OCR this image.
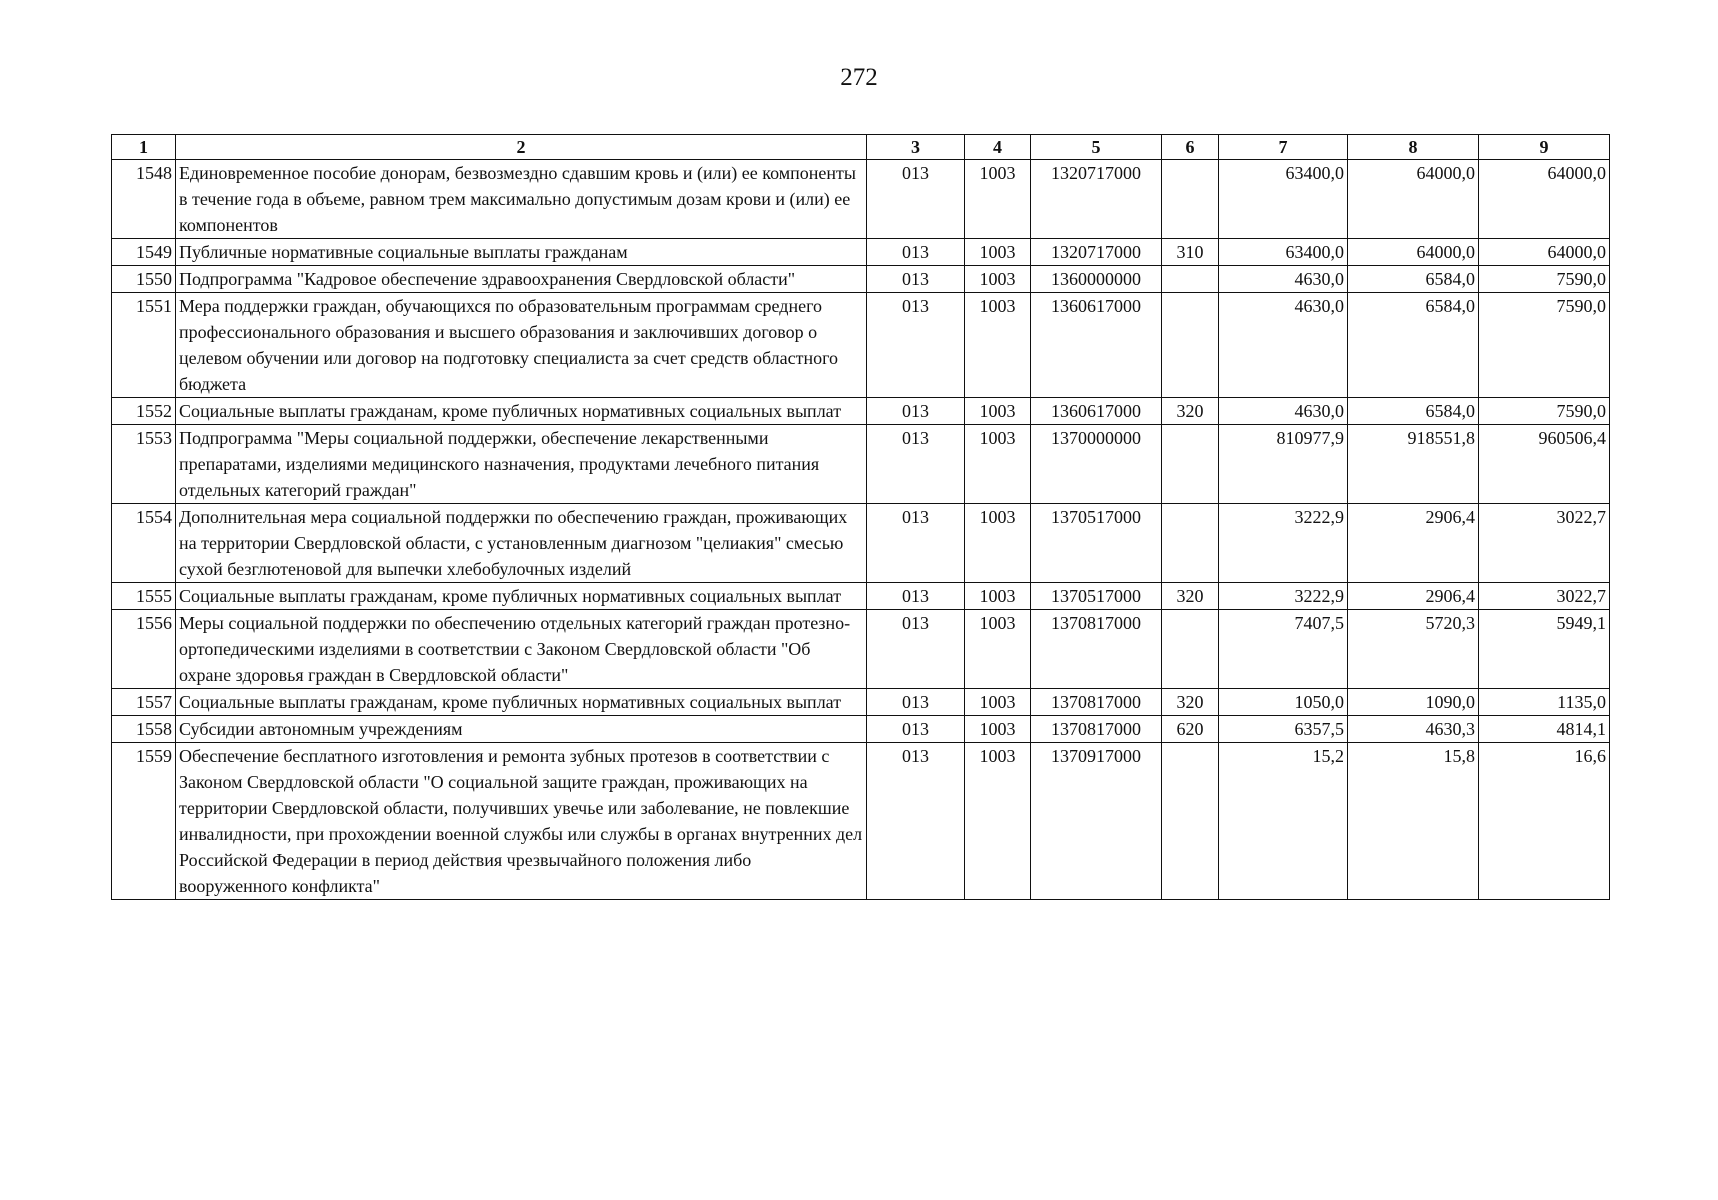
272
1	2	3	4	5	6	7	8	9
1548	Единовременное пособие донорам, безвозмездно сдавшим кровь и (или) ее компоненты в течение года в объеме, равном трем максимально допустимым дозам крови и (или) ее компонентов	013	1003	1320717000		63400,0	64000,0	64000,0
1549	Публичные нормативные социальные выплаты гражданам	013	1003	1320717000	310	63400,0	64000,0	64000,0
1550	Подпрограмма "Кадровое обеспечение здравоохранения Свердловской области"	013	1003	1360000000		4630,0	6584,0	7590,0
1551	Мера поддержки граждан, обучающихся по образовательным программам среднего профессионального образования и высшего образования и заключивших договор о целевом обучении или договор на подготовку специалиста за счет средств областного бюджета	013	1003	1360617000		4630,0	6584,0	7590,0
1552	Социальные выплаты гражданам, кроме публичных нормативных социальных выплат	013	1003	1360617000	320	4630,0	6584,0	7590,0
1553	Подпрограмма "Меры социальной поддержки, обеспечение лекарственными препаратами, изделиями медицинского назначения, продуктами лечебного питания отдельных категорий граждан"	013	1003	1370000000		810977,9	918551,8	960506,4
1554	Дополнительная мера социальной поддержки по обеспечению граждан, проживающих на территории Свердловской области, с установленным диагнозом "целиакия" смесью сухой безглютеновой для выпечки хлебобулочных изделий	013	1003	1370517000		3222,9	2906,4	3022,7
1555	Социальные выплаты гражданам, кроме публичных нормативных социальных выплат	013	1003	1370517000	320	3222,9	2906,4	3022,7
1556	Меры социальной поддержки по обеспечению отдельных категорий граждан протезно-ортопедическими изделиями в соответствии с Законом Свердловской области "Об охране здоровья граждан в Свердловской области"	013	1003	1370817000		7407,5	5720,3	5949,1
1557	Социальные выплаты гражданам, кроме публичных нормативных социальных выплат	013	1003	1370817000	320	1050,0	1090,0	1135,0
1558	Субсидии автономным учреждениям	013	1003	1370817000	620	6357,5	4630,3	4814,1
1559	Обеспечение бесплатного изготовления и ремонта зубных протезов в соответствии с Законом Свердловской области "О социальной защите граждан, проживающих на территории Свердловской области, получивших увечье или заболевание, не повлекшие инвалидности, при прохождении военной службы или службы в органах внутренних дел Российской Федерации в период действия чрезвычайного положения либо вооруженного конфликта"	013	1003	1370917000		15,2	15,8	16,6
